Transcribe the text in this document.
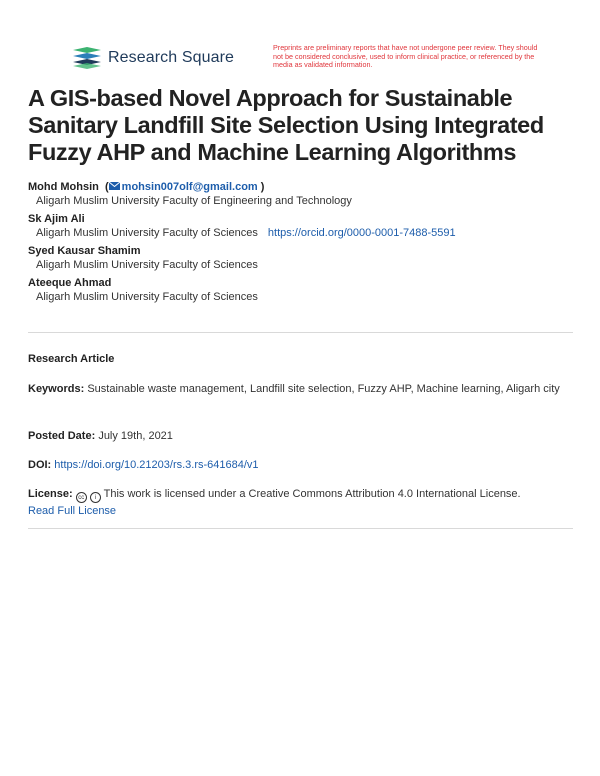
Research Square
Preprints are preliminary reports that have not undergone peer review. They should not be considered conclusive, used to inform clinical practice, or referenced by the media as validated information.
A GIS-based Novel Approach for Sustainable Sanitary Landfill Site Selection Using Integrated Fuzzy AHP and Machine Learning Algorithms
Mohd Mohsin  ( mohsin007olf@gmail.com )
Aligarh Muslim University Faculty of Engineering and Technology
Sk Ajim Ali
Aligarh Muslim University Faculty of Sciences https://orcid.org/0000-0001-7488-5591
Syed Kausar Shamim
Aligarh Muslim University Faculty of Sciences
Ateeque Ahmad
Aligarh Muslim University Faculty of Sciences
Research Article
Keywords: Sustainable waste management, Landfill site selection, Fuzzy AHP, Machine learning, Aligarh city
Posted Date: July 19th, 2021
DOI: https://doi.org/10.21203/rs.3.rs-641684/v1
License: cc i This work is licensed under a Creative Commons Attribution 4.0 International License.
Read Full License
